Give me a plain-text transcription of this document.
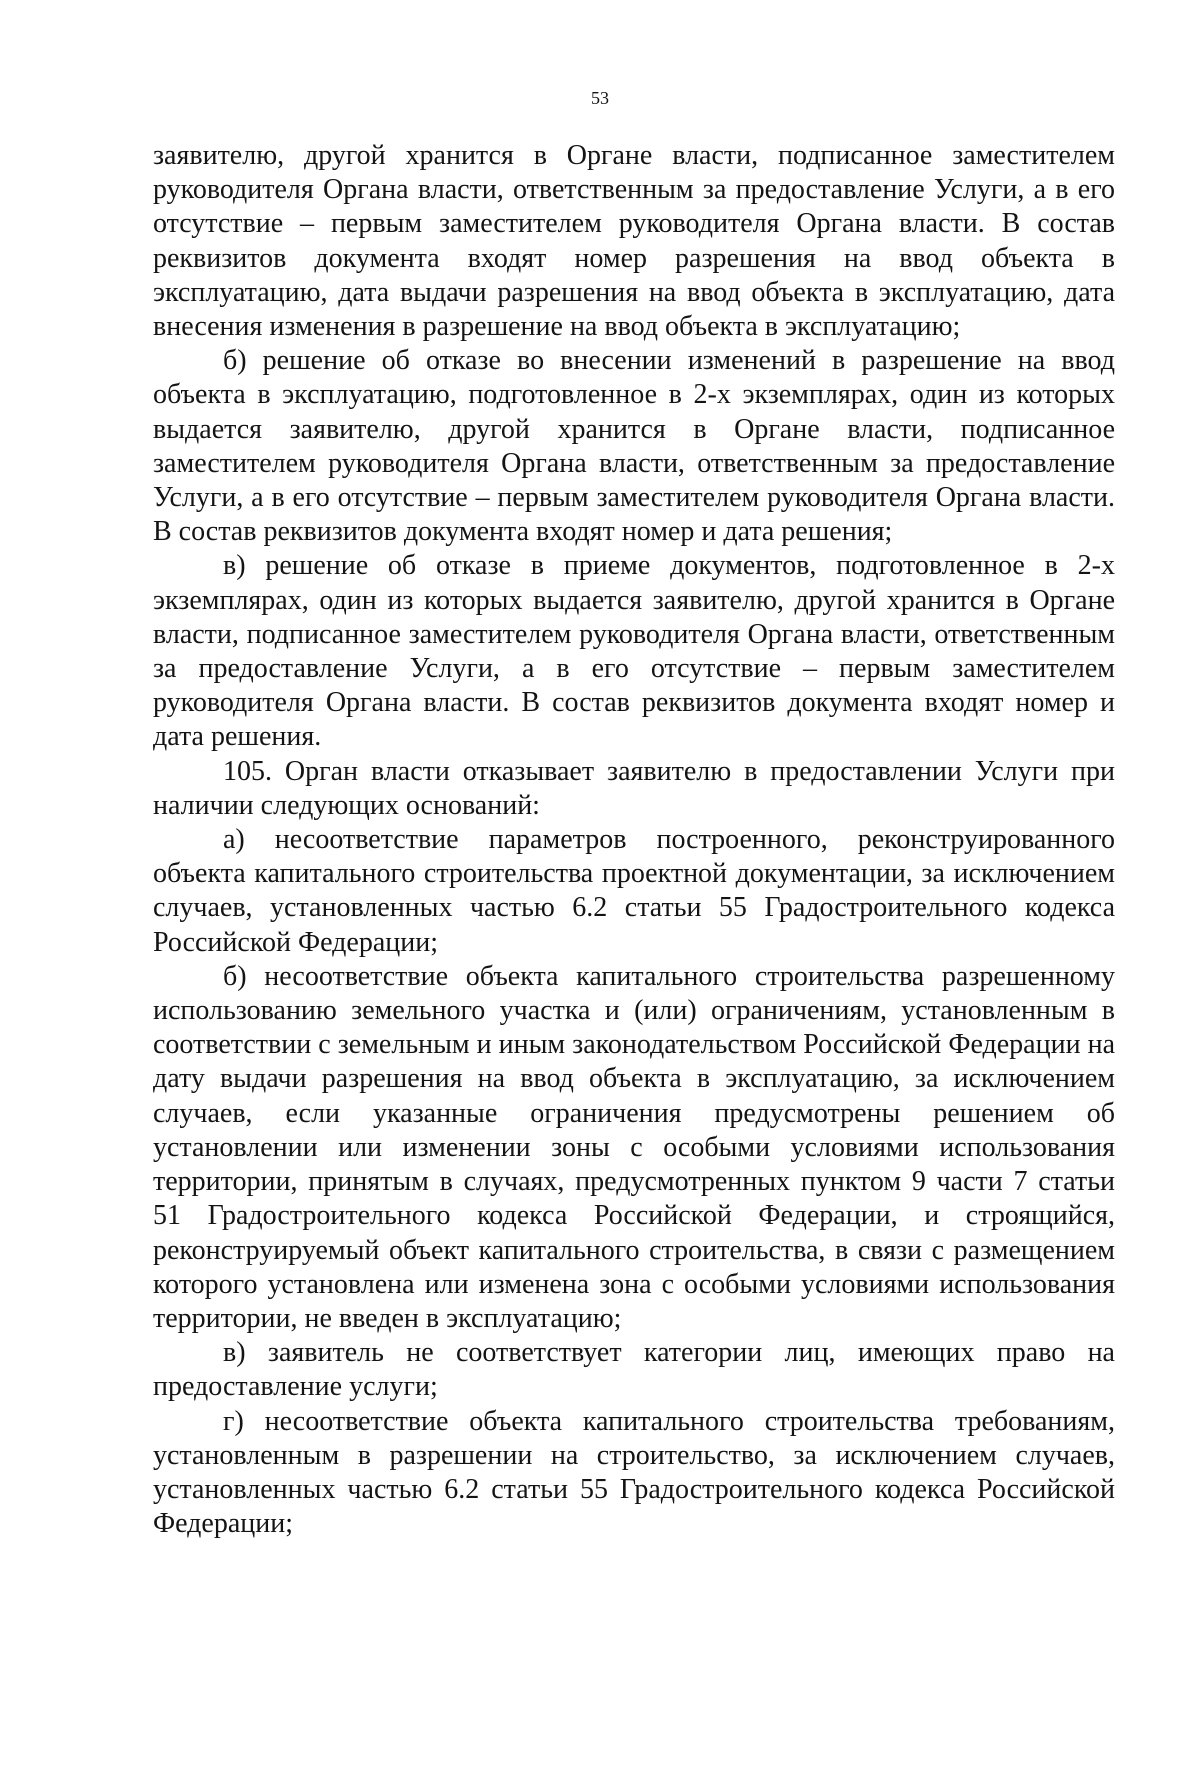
53

заявителю, другой хранится в Органе власти, подписанное заместителем руководителя Органа власти, ответственным за предоставление Услуги, а в его отсутствие – первым заместителем руководителя Органа власти. В состав реквизитов документа входят номер разрешения на ввод объекта в эксплуатацию, дата выдачи разрешения на ввод объекта в эксплуатацию, дата внесения изменения в разрешение на ввод объекта в эксплуатацию;

б) решение об отказе во внесении изменений в разрешение на ввод объекта в эксплуатацию, подготовленное в 2-х экземплярах, один из которых выдается заявителю, другой хранится в Органе власти, подписанное заместителем руководителя Органа власти, ответственным за предоставление Услуги, а в его отсутствие – первым заместителем руководителя Органа власти. В состав реквизитов документа входят номер и дата решения;

в) решение об отказе в приеме документов, подготовленное в 2-х экземплярах, один из которых выдается заявителю, другой хранится в Органе власти, подписанное заместителем руководителя Органа власти, ответственным за предоставление Услуги, а в его отсутствие – первым заместителем руководителя Органа власти. В состав реквизитов документа входят номер и дата решения.

105. Орган власти отказывает заявителю в предоставлении Услуги при наличии следующих оснований:

а) несоответствие параметров построенного, реконструированного объекта капитального строительства проектной документации, за исключением случаев, установленных частью 6.2 статьи 55 Градостроительного кодекса Российской Федерации;

б) несоответствие объекта капитального строительства разрешенному использованию земельного участка и (или) ограничениям, установленным в соответствии с земельным и иным законодательством Российской Федерации на дату выдачи разрешения на ввод объекта в эксплуатацию, за исключением случаев, если указанные ограничения предусмотрены решением об установлении или изменении зоны с особыми условиями использования территории, принятым в случаях, предусмотренных пунктом 9 части 7 статьи 51 Градостроительного кодекса Российской Федерации, и строящийся, реконструируемый объект капитального строительства, в связи с размещением которого установлена или изменена зона с особыми условиями использования территории, не введен в эксплуатацию;

в) заявитель не соответствует категории лиц, имеющих право на предоставление услуги;

г) несоответствие объекта капитального строительства требованиям, установленным в разрешении на строительство, за исключением случаев, установленных частью 6.2 статьи 55 Градостроительного кодекса Российской Федерации;
